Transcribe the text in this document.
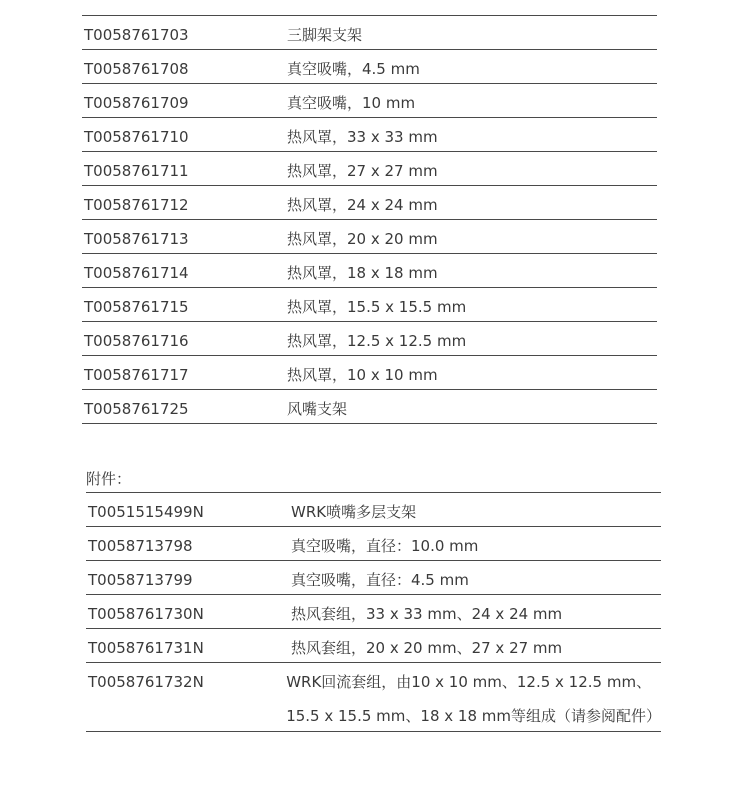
T0058761703	三脚架支架
T0058761708	真空吸嘴，4.5 mm
T0058761709	真空吸嘴，10 mm
T0058761710	热风罩，33 x 33 mm
T0058761711	热风罩，27 x 27 mm
T0058761712	热风罩，24 x 24 mm
T0058761713	热风罩，20 x 20 mm
T0058761714	热风罩，18 x 18 mm
T0058761715	热风罩，15.5 x 15.5 mm
T0058761716	热风罩，12.5 x 12.5 mm
T0058761717	热风罩，10 x 10 mm
T0058761725	风嘴支架
附件：
T0051515499N	WRK喷嘴多层支架
T0058713798	真空吸嘴，直径：10.0 mm
T0058713799	真空吸嘴，直径：4.5 mm
T0058761730N	热风套组，33 x 33 mm、24 x 24 mm
T0058761731N	热风套组，20 x 20 mm、27 x 27 mm
T0058761732N	WRK回流套组，由10 x 10 mm、12.5 x 12.5 mm、
15.5 x 15.5 mm、18 x 18 mm等组成（请参阅配件）
